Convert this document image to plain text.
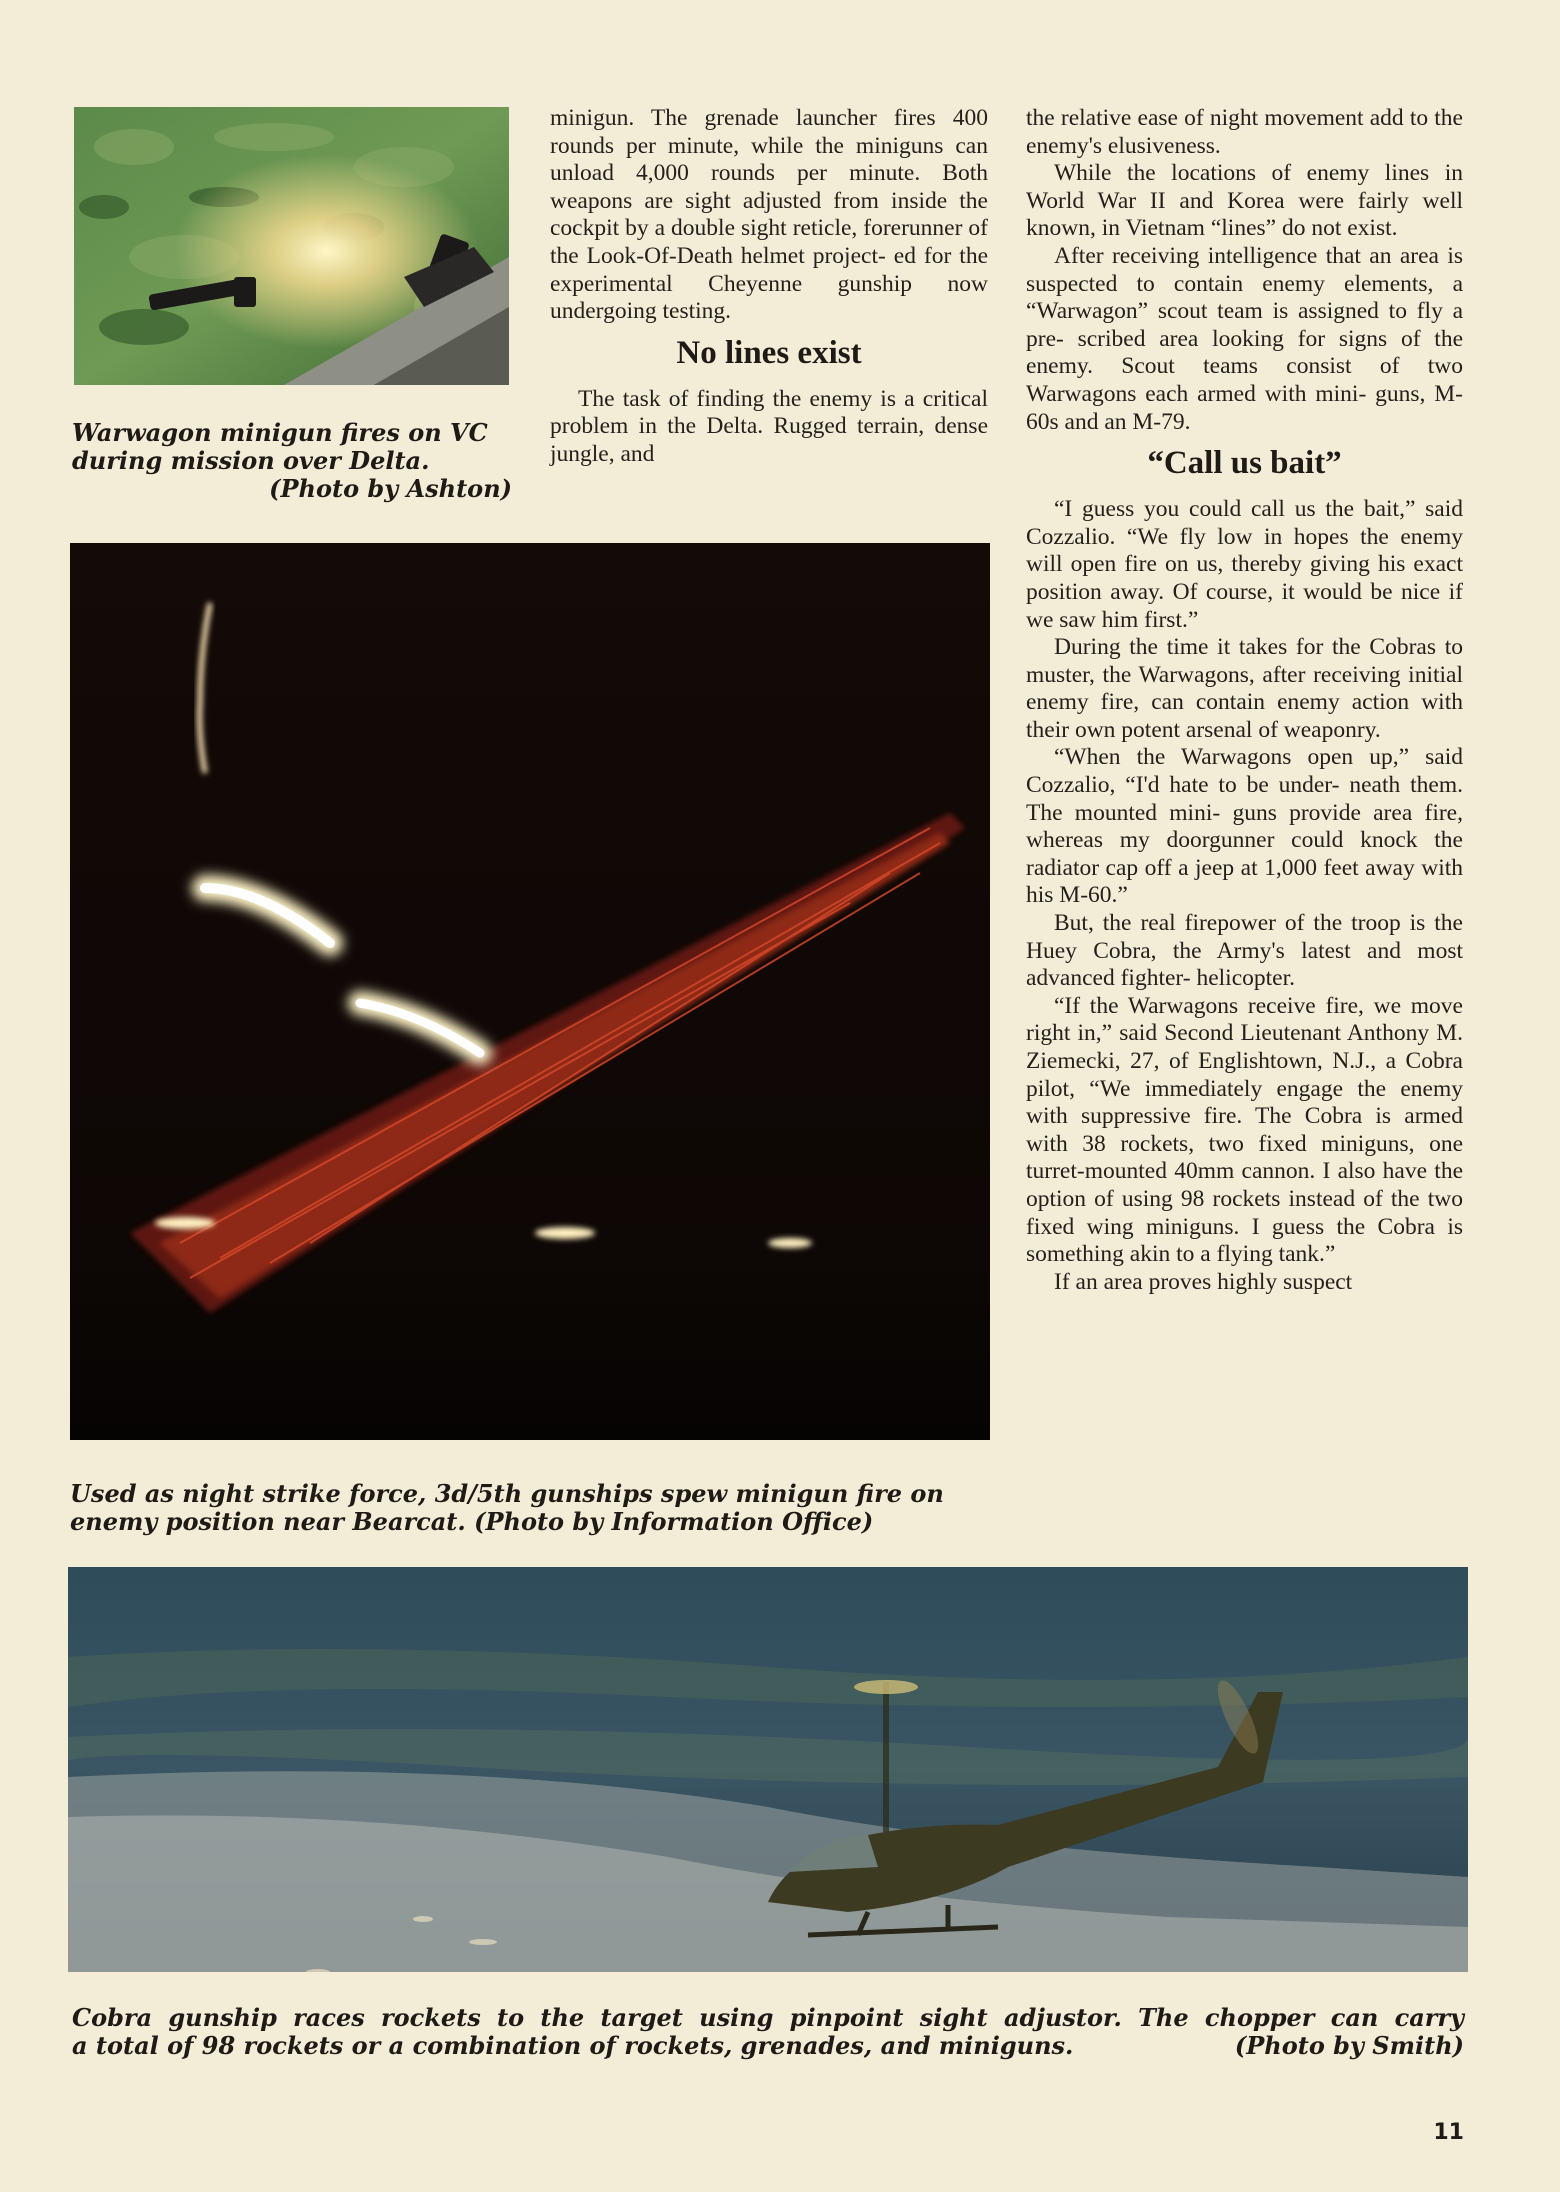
Warwagon minigun fires on VC
during mission over Delta.
(Photo by Ashton)

minigun. The grenade launcher fires 400 rounds per minute, while the miniguns can unload 4,000 rounds per minute. Both weapons are sight adjusted from inside the cockpit by a double sight reticle, forerunner of the Look-Of-Death helmet project- ed for the experimental Cheyenne gunship now undergoing testing.

No lines exist

The task of finding the enemy is a critical problem in the Delta. Rugged terrain, dense jungle, and

the relative ease of night movement add to the enemy's elusiveness.

While the locations of enemy lines in World War II and Korea were fairly well known, in Vietnam “lines” do not exist.

After receiving intelligence that an area is suspected to contain enemy elements, a “Warwagon” scout team is assigned to fly a pre- scribed area looking for signs of the enemy. Scout teams consist of two Warwagons each armed with mini- guns, M-60s and an M-79.

“Call us bait”

“I guess you could call us the bait,” said Cozzalio. “We fly low in hopes the enemy will open fire on us, thereby giving his exact position away. Of course, it would be nice if we saw him first.”

During the time it takes for the Cobras to muster, the Warwagons, after receiving initial enemy fire, can contain enemy action with their own potent arsenal of weaponry.

“When the Warwagons open up,” said Cozzalio, “I'd hate to be under- neath them. The mounted mini- guns provide area fire, whereas my doorgunner could knock the radiator cap off a jeep at 1,000 feet away with his M-60.”

But, the real firepower of the troop is the Huey Cobra, the Army's latest and most advanced fighter- helicopter.

“If the Warwagons receive fire, we move right in,” said Second Lieutenant Anthony M. Ziemecki, 27, of Englishtown, N.J., a Cobra pilot, “We immediately engage the enemy with suppressive fire. The Cobra is armed with 38 rockets, two fixed miniguns, one turret-mounted 40mm cannon. I also have the option of using 98 rockets instead of the two fixed wing miniguns. I guess the Cobra is something akin to a flying tank.”

If an area proves highly suspect

Used as night strike force, 3d/5th gunships spew minigun fire on
enemy position near Bearcat. (Photo by Information Office)
Cobra gunship races rockets to the target using pinpoint sight adjustor. The chopper can carry
a total of 98 rockets or a combination of rockets, grenades, and miniguns.	(Photo by Smith)
11
